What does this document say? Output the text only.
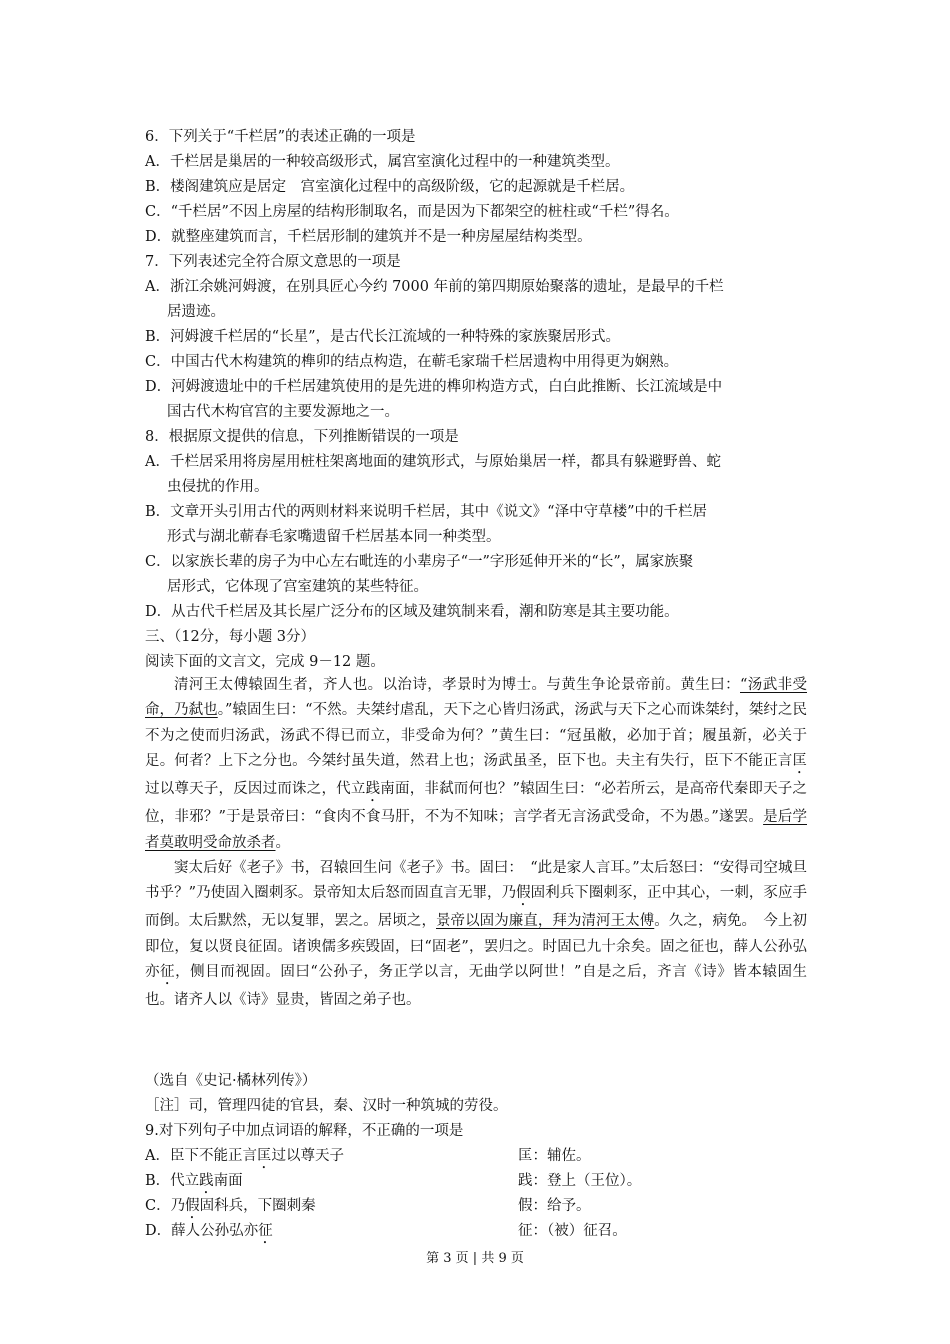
6．下列关于“千栏居”的表述正确的一项是
A．千栏居是巢居的一种较高级形式，属宫室演化过程中的一种建筑类型。
B．楼阁建筑应是居定　宫室演化过程中的高级阶级，它的起源就是千栏居。
C．“千栏居”不因上房屋的结构形制取名，而是因为下都架空的桩柱或“千栏”得名。
D．就整座建筑而言，千栏居形制的建筑并不是一种房屋屋结构类型。
7．下列表述完全符合原文意思的一项是
A．浙江余姚河姆渡，在别具匠心今约 7000 年前的第四期原始聚落的遗址，是最早的千栏
居遗迹。
B．河姆渡千栏居的“长星”，是古代长江流域的一种特殊的家族聚居形式。
C．中国古代木构建筑的榫卯的结点构造，在蕲毛家瑞千栏居遗构中用得更为娴熟。
D．河姆渡遗址中的千栏居建筑使用的是先进的榫卯构造方式，白白此推断、长江流域是中
国古代木构官宫的主要发源地之一。
8．根据原文提供的信息，下列推断错误的一项是
A．千栏居采用将房屋用桩柱架离地面的建筑形式，与原始巢居一样，都具有躲避野兽、蛇
虫侵扰的作用。
B．文章开头引用古代的两则材料来说明千栏居，其中《说文》“泽中守草楼”中的千栏居
形式与湖北蕲春毛家嘴遗留千栏居基本同一种类型。
C．以家族长辈的房子为中心左右毗连的小辈房子“一”字形延伸开米的“长”，属家族聚
居形式，它体现了宫室建筑的某些特征。
D．从古代千栏居及其长屋广泛分布的区域及建筑制来看，潮和防寒是其主要功能。
三、（12分，每小题 3分）
阅读下面的文言文，完成 9－12 题。

清河王太傅辕固生者，齐人也。以治诗，孝景时为博士。与黄生争论景帝前。黄生曰：“汤武非受命，乃弑也。”辕固生曰：“不然。夫桀纣虐乱，天下之心皆归汤武，汤武与天下之心而诛桀纣，桀纣之民不为之使而归汤武，汤武不得已而立，非受命为何？”黄生曰：“冠虽敝，必加于首；履虽新，必关于足。何者？上下之分也。今桀纣虽失道，然君上也；汤武虽圣，臣下也。夫主有失行，臣下不能正言匡过以尊天子，反因过而诛之，代立践南面，非弑而何也？”辕固生曰：“必若所云，是高帝代秦即天子之位，非邪？”于是景帝曰：“食肉不食马肝，不为不知味；言学者无言汤武受命，不为愚。”遂罢。是后学者莫敢明受命放杀者。

窦太后好《老子》书，召辕回生问《老子》书。固曰：　“此是家人言耳。”太后怒曰：“安得司空城旦书乎？”乃使固入圈刺豕。景帝知太后怒而固直言无罪，乃假固利兵下圈刺豕，正中其心，一刺，豕应手而倒。太后默然，无以复罪，罢之。居顷之，景帝以固为廉直，拜为清河王太傅。久之，病免。　今上初即位，复以贤良征固。诸谀儒多疾毁固，曰“固老”，罢归之。时固已九十余矣。固之征也，薛人公孙弘亦征，侧目而视固。固曰“公孙子，务正学以言，无曲学以阿世！”自是之后，齐言《诗》皆本辕固生也。诸齐人以《诗》显贵，皆固之弟子也。

（选自《史记·橘林列传》）
［注］司，管理四徒的官县，秦、汉时一种筑城的劳役。
9.对下列句子中加点词语的解释，不正确的一项是
A．臣下不能正言匡过以尊天子	匡：辅佐。
B．代立践南面	践：登上（王位）。
C．乃假固科兵，下圈刺秦	假：给予。
D．薛人公孙弘亦征	征：（被）征召。
第 3 页 | 共 9 页
